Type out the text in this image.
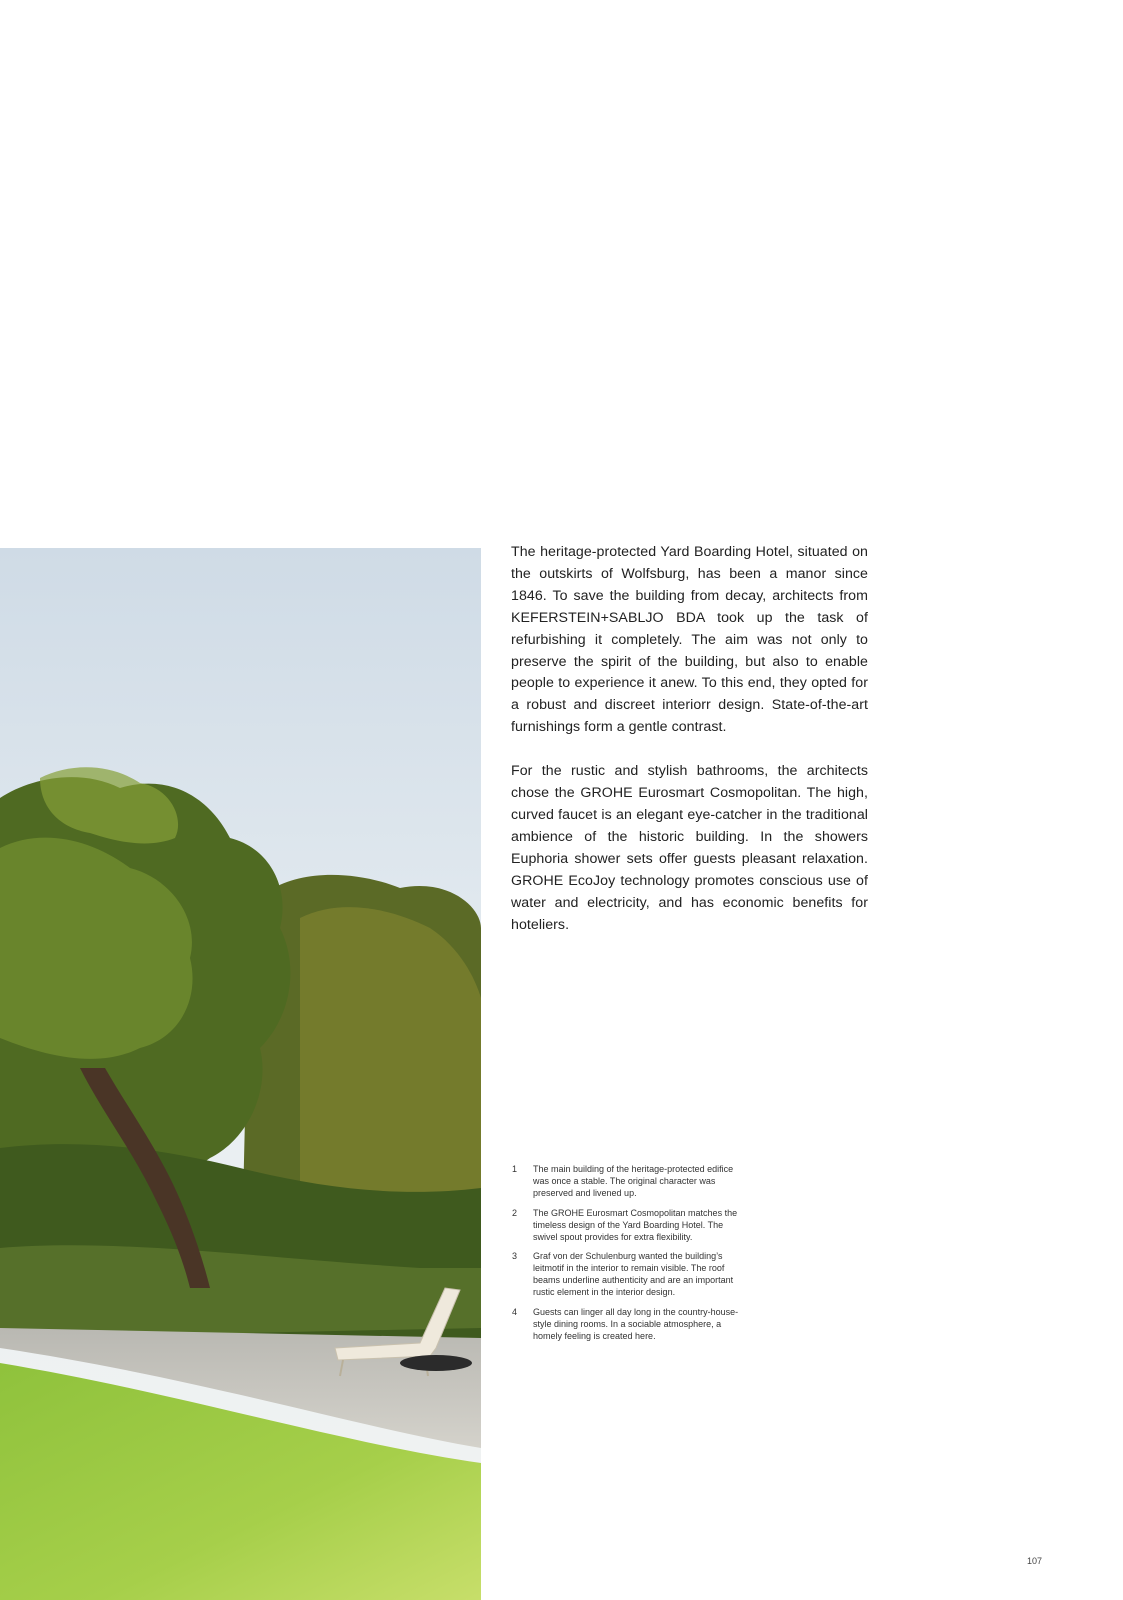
The heritage-protected Yard Boarding Hotel, situated on the outskirts of Wolfsburg, has been a manor since 1846. To save the building from decay, architects from KEFERSTEIN+SABLJO BDA took up the task of refurbishing it completely. The aim was not only to preserve the spirit of the building, but also to enable people to experience it anew. To this end, they opted for a robust and discreet interiorr design. State-of-the-art furnishings form a gentle contrast.

For the rustic and stylish bathrooms, the architects chose the GROHE Eurosmart Cosmopolitan. The high, curved faucet is an elegant eye-catcher in the traditional ambience of the historic building. In the showers Euphoria shower sets offer guests pleasant relaxation. GROHE EcoJoy technology promotes conscious use of water and electricity, and has economic benefits for hoteliers.

1	The main building of the heritage-protected edifice was once a stable. The original character was preserved and livened up.
2	The GROHE Eurosmart Cosmopolitan matches the timeless design of the Yard Boarding Hotel. The swivel spout provides for extra flexibility.
3	Graf von der Schulenburg wanted the building’s leitmotif in the interior to remain visible. The roof beams underline authenticity and are an important rustic element in the interior design.
4	Guests can linger all day long in the country-house-style dining rooms. In a sociable atmosphere, a homely feeling is created here.
107
